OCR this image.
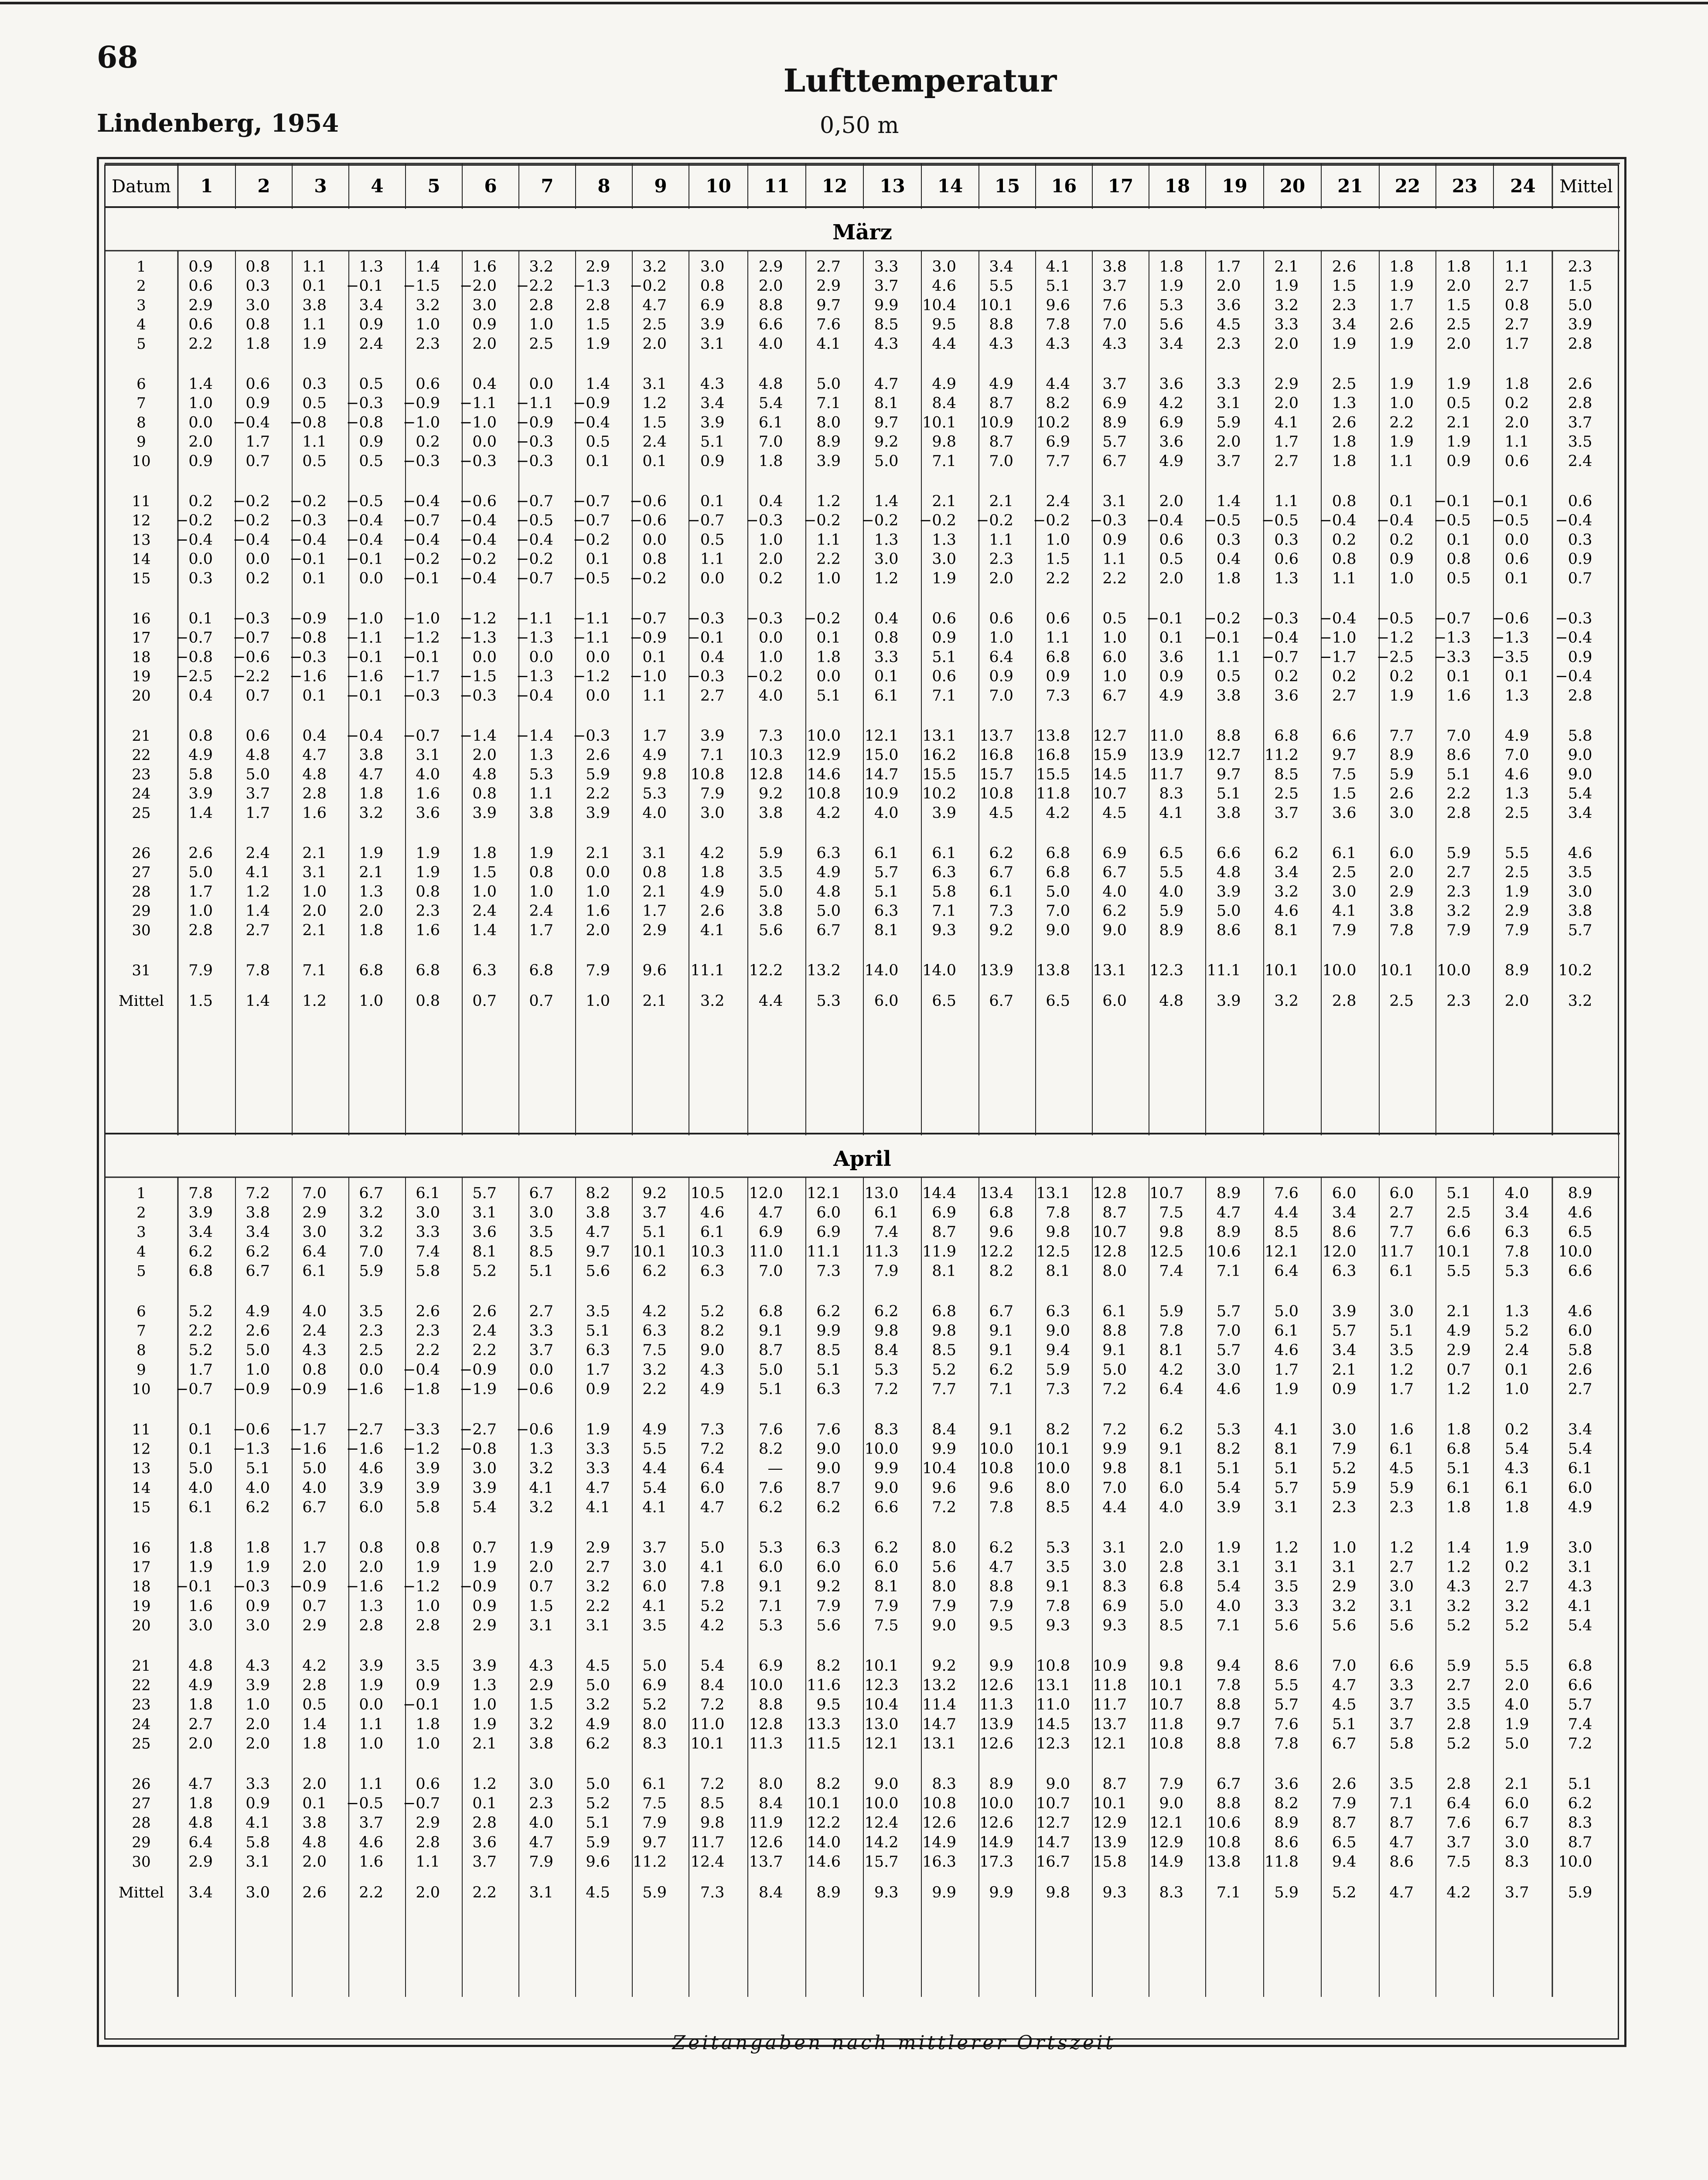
68
Lufttemperatur
Lindenberg, 1954	0,50 m
Datum 1 2 3 4 5 6 7 8 9 10 11 12 13 14 15 16 17 18 19 20 21 22 23 24 Mittel
März
1	0.9 0.8 1.1 1.3 1.4 1.6 3.2 2.9 3.2 3.0 2.9 2.7 3.3 3.0 3.4 4.1 3.8 1.8 1.7 2.1 2.6 1.8 1.8 1.1	2.3
2	0.6 0.3 0.1 −0.1 −1.5 −2.0 −2.2 −1.3 −0.2 0.8 2.0 2.9 3.7 4.6 5.5 5.1 3.7 1.9 2.0 1.9 1.5 1.9 2.0 2.7	1.5
3	2.9 3.0 3.8 3.4 3.2 3.0 2.8 2.8 4.7 6.9 8.8 9.7 9.9 10.4 10.1 9.6 7.6 5.3 3.6 3.2 2.3 1.7 1.5 0.8	5.0
4	0.6 0.8 1.1 0.9 1.0 0.9 1.0 1.5 2.5 3.9 6.6 7.6 8.5 9.5 8.8 7.8 7.0 5.6 4.5 3.3 3.4 2.6 2.5 2.7	3.9
5	2.2 1.8 1.9 2.4 2.3 2.0 2.5 1.9 2.0 3.1 4.0 4.1 4.3 4.4 4.3 4.3 4.3 3.4 2.3 2.0 1.9 1.9 2.0 1.7	2.8
6	1.4 0.6 0.3 0.5 0.6 0.4 0.0 1.4 3.1 4.3 4.8 5.0 4.7 4.9 4.9 4.4 3.7 3.6 3.3 2.9 2.5 1.9 1.9 1.8	2.6
7	1.0 0.9 0.5 −0.3 −0.9 −1.1 −1.1 −0.9 1.2 3.4 5.4 7.1 8.1 8.4 8.7 8.2 6.9 4.2 3.1 2.0 1.3 1.0 0.5 0.2	2.8
8	0.0 −0.4 −0.8 −0.8 −1.0 −1.0 −0.9 −0.4 1.5 3.9 6.1 8.0 9.7 10.1 10.9 10.2 8.9 6.9 5.9 4.1 2.6 2.2 2.1 2.0	3.7
9	2.0 1.7 1.1 0.9 0.2 0.0 −0.3 0.5 2.4 5.1 7.0 8.9 9.2 9.8 8.7 6.9 5.7 3.6 2.0 1.7 1.8 1.9 1.9 1.1	3.5
10 0.9 0.7 0.5 0.5 −0.3 −0.3 −0.3 0.1 0.1 0.9 1.8 3.9 5.0 7.1 7.0 7.7 6.7 4.9 3.7 2.7 1.8 1.1 0.9 0.6	2.4
11 0.2 −0.2 −0.2 −0.5 −0.4 −0.6 −0.7 −0.7 −0.6 0.1 0.4 1.2 1.4 2.1 2.1 2.4 3.1 2.0 1.4 1.1 0.8 0.1 −0.1 −0.1	0.6
12 −0.2 −0.2 −0.3 −0.4 −0.7 −0.4 −0.5 −0.7 −0.6 −0.7 −0.3 −0.2 −0.2 −0.2 −0.2 −0.2 −0.3 −0.4 −0.5 −0.5 −0.4 −0.4 −0.5 −0.5 −0.4
13 −0.4 −0.4 −0.4 −0.4 −0.4 −0.4 −0.4 −0.2 0.0 0.5 1.0 1.1 1.3 1.3 1.1 1.0 0.9 0.6 0.3 0.3 0.2 0.2 0.1 0.0	0.3
14 0.0 0.0 −0.1 −0.1 −0.2 −0.2 −0.2 0.1 0.8 1.1 2.0 2.2 3.0 3.0 2.3 1.5 1.1 0.5 0.4 0.6 0.8 0.9 0.8 0.6	0.9
15 0.3 0.2 0.1 0.0 −0.1 −0.4 −0.7 −0.5 −0.2 0.0 0.2 1.0 1.2 1.9 2.0 2.2 2.2 2.0 1.8 1.3 1.1 1.0 0.5 0.1	0.7
16 0.1 −0.3 −0.9 −1.0 −1.0 −1.2 −1.1 −1.1 −0.7 −0.3 −0.3 −0.2 0.4 0.6 0.6 0.6 0.5 −0.1 −0.2 −0.3 −0.4 −0.5 −0.7 −0.6 −0.3
17 −0.7 −0.7 −0.8 −1.1 −1.2 −1.3 −1.3 −1.1 −0.9 −0.1 0.0 0.1 0.8 0.9 1.0 1.1 1.0 0.1 −0.1 −0.4 −1.0 −1.2 −1.3 −1.3 −0.4
18 −0.8 −0.6 −0.3 −0.1 −0.1 0.0 0.0 0.0 0.1 0.4 1.0 1.8 3.3 5.1 6.4 6.8 6.0 3.6 1.1 −0.7 −1.7 −2.5 −3.3 −3.5	0.9
19 −2.5 −2.2 −1.6 −1.6 −1.7 −1.5 −1.3 −1.2 −1.0 −0.3 −0.2 0.0 0.1 0.6 0.9 0.9 1.0 0.9 0.5 0.2 0.2 0.2 0.1 0.1 −0.4
20 0.4 0.7 0.1 −0.1 −0.3 −0.3 −0.4 0.0 1.1 2.7 4.0 5.1 6.1 7.1 7.0 7.3 6.7 4.9 3.8 3.6 2.7 1.9 1.6 1.3	2.8
21 0.8 0.6 0.4 −0.4 −0.7 −1.4 −1.4 −0.3 1.7 3.9 7.3 10.0 12.1 13.1 13.7 13.8 12.7 11.0 8.8 6.8 6.6 7.7 7.0 4.9	5.8
22 4.9 4.8 4.7 3.8 3.1 2.0 1.3 2.6 4.9 7.1 10.3 12.9 15.0 16.2 16.8 16.8 15.9 13.9 12.7 11.2 9.7 8.9 8.6 7.0	9.0
23 5.8 5.0 4.8 4.7 4.0 4.8 5.3 5.9 9.8 10.8 12.8 14.6 14.7 15.5 15.7 15.5 14.5 11.7 9.7 8.5 7.5 5.9 5.1 4.6	9.0
24 3.9 3.7 2.8 1.8 1.6 0.8 1.1 2.2 5.3 7.9 9.2 10.8 10.9 10.2 10.8 11.8 10.7 8.3 5.1 2.5 1.5 2.6 2.2 1.3	5.4
25 1.4 1.7 1.6 3.2 3.6 3.9 3.8 3.9 4.0 3.0 3.8 4.2 4.0 3.9 4.5 4.2 4.5 4.1 3.8 3.7 3.6 3.0 2.8 2.5	3.4
26 2.6 2.4 2.1 1.9 1.9 1.8 1.9 2.1 3.1 4.2 5.9 6.3 6.1 6.1 6.2 6.8 6.9 6.5 6.6 6.2 6.1 6.0 5.9 5.5	4.6
27 5.0 4.1 3.1 2.1 1.9 1.5 0.8 0.0 0.8 1.8 3.5 4.9 5.7 6.3 6.7 6.8 6.7 5.5 4.8 3.4 2.5 2.0 2.7 2.5	3.5
28 1.7 1.2 1.0 1.3 0.8 1.0 1.0 1.0 2.1 4.9 5.0 4.8 5.1 5.8 6.1 5.0 4.0 4.0 3.9 3.2 3.0 2.9 2.3 1.9	3.0
29 1.0 1.4 2.0 2.0 2.3 2.4 2.4 1.6 1.7 2.6 3.8 5.0 6.3 7.1 7.3 7.0 6.2 5.9 5.0 4.6 4.1 3.8 3.2 2.9	3.8
30 2.8 2.7 2.1 1.8 1.6 1.4 1.7 2.0 2.9 4.1 5.6 6.7 8.1 9.3 9.2 9.0 9.0 8.9 8.6 8.1 7.9 7.8 7.9 7.9	5.7
31 7.9 7.8 7.1 6.8 6.8 6.3 6.8 7.9 9.6 11.1 12.2 13.2 14.0 14.0 13.9 13.8 13.1 12.3 11.1 10.1 10.0 10.1 10.0 8.9 10.2
Mittel 1.5 1.4 1.2 1.0 0.8 0.7 0.7 1.0 2.1 3.2 4.4 5.3 6.0 6.5 6.7 6.5 6.0 4.8 3.9 3.2 2.8 2.5 2.3 2.0	3.2
April
1	7.8 7.2 7.0 6.7 6.1 5.7 6.7 8.2 9.2 10.5 12.0 12.1 13.0 14.4 13.4 13.1 12.8 10.7 8.9 7.6 6.0 6.0 5.1 4.0	8.9
2	3.9 3.8 2.9 3.2 3.0 3.1 3.0 3.8 3.7 4.6 4.7 6.0 6.1 6.9 6.8 7.8 8.7 7.5 4.7 4.4 3.4 2.7 2.5 3.4	4.6
3	3.4 3.4 3.0 3.2 3.3 3.6 3.5 4.7 5.1 6.1 6.9 6.9 7.4 8.7 9.6 9.8 10.7 9.8 8.9 8.5 8.6 7.7 6.6 6.3	6.5
4	6.2 6.2 6.4 7.0 7.4 8.1 8.5 9.7 10.1 10.3 11.0 11.1 11.3 11.9 12.2 12.5 12.8 12.5 10.6 12.1 12.0 11.7 10.1 7.8 10.0
5	6.8 6.7 6.1 5.9 5.8 5.2 5.1 5.6 6.2 6.3 7.0 7.3 7.9 8.1 8.2 8.1 8.0 7.4 7.1 6.4 6.3 6.1 5.5 5.3	6.6
6	5.2 4.9 4.0 3.5 2.6 2.6 2.7 3.5 4.2 5.2 6.8 6.2 6.2 6.8 6.7 6.3 6.1 5.9 5.7 5.0 3.9 3.0 2.1 1.3	4.6
7	2.2 2.6 2.4 2.3 2.3 2.4 3.3 5.1 6.3 8.2 9.1 9.9 9.8 9.8 9.1 9.0 8.8 7.8 7.0 6.1 5.7 5.1 4.9 5.2	6.0
8	5.2 5.0 4.3 2.5 2.2 2.2 3.7 6.3 7.5 9.0 8.7 8.5 8.4 8.5 9.1 9.4 9.1 8.1 5.7 4.6 3.4 3.5 2.9 2.4	5.8
9	1.7 1.0 0.8 0.0 −0.4 −0.9 0.0 1.7 3.2 4.3 5.0 5.1 5.3 5.2 6.2 5.9 5.0 4.2 3.0 1.7 2.1 1.2 0.7 0.1	2.6
10 −0.7 −0.9 −0.9 −1.6 −1.8 −1.9 −0.6 0.9 2.2 4.9 5.1 6.3 7.2 7.7 7.1 7.3 7.2 6.4 4.6 1.9 0.9 1.7 1.2 1.0	2.7
11 0.1 −0.6 −1.7 −2.7 −3.3 −2.7 −0.6 1.9 4.9 7.3 7.6 7.6 8.3 8.4 9.1 8.2 7.2 6.2 5.3 4.1 3.0 1.6 1.8 0.2	3.4
12 0.1 −1.3 −1.6 −1.6 −1.2 −0.8 1.3 3.3 5.5 7.2 8.2 9.0 10.0 9.9 10.0 10.1 9.9 9.1 8.2 8.1 7.9 6.1 6.8 5.4	5.4
13 5.0 5.1 5.0 4.6 3.9 3.0 3.2 3.3 4.4 6.4	— 9.0 9.9 10.4 10.8 10.0 9.8 8.1 5.1 5.1 5.2 4.5 5.1 4.3	6.1
14 4.0 4.0 4.0 3.9 3.9 3.9 4.1 4.7 5.4 6.0 7.6 8.7 9.0 9.6 9.6 8.0 7.0 6.0 5.4 5.7 5.9 5.9 6.1 6.1	6.0
15 6.1 6.2 6.7 6.0 5.8 5.4 3.2 4.1 4.1 4.7 6.2 6.2 6.6 7.2 7.8 8.5 4.4 4.0 3.9 3.1 2.3 2.3 1.8 1.8	4.9
16 1.8 1.8 1.7 0.8 0.8 0.7 1.9 2.9 3.7 5.0 5.3 6.3 6.2 8.0 6.2 5.3 3.1 2.0 1.9 1.2 1.0 1.2 1.4 1.9	3.0
17 1.9 1.9 2.0 2.0 1.9 1.9 2.0 2.7 3.0 4.1 6.0 6.0 6.0 5.6 4.7 3.5 3.0 2.8 3.1 3.1 3.1 2.7 1.2 0.2	3.1
18 −0.1 −0.3 −0.9 −1.6 −1.2 −0.9 0.7 3.2 6.0 7.8 9.1 9.2 8.1 8.0 8.8 9.1 8.3 6.8 5.4 3.5 2.9 3.0 4.3 2.7	4.3
19 1.6 0.9 0.7 1.3 1.0 0.9 1.5 2.2 4.1 5.2 7.1 7.9 7.9 7.9 7.9 7.8 6.9 5.0 4.0 3.3 3.2 3.1 3.2 3.2	4.1
20 3.0 3.0 2.9 2.8 2.8 2.9 3.1 3.1 3.5 4.2 5.3 5.6 7.5 9.0 9.5 9.3 9.3 8.5 7.1 5.6 5.6 5.6 5.2 5.2	5.4
21 4.8 4.3 4.2 3.9 3.5 3.9 4.3 4.5 5.0 5.4 6.9 8.2 10.1 9.2 9.9 10.8 10.9 9.8 9.4 8.6 7.0 6.6 5.9 5.5	6.8
22 4.9 3.9 2.8 1.9 0.9 1.3 2.9 5.0 6.9 8.4 10.0 11.6 12.3 13.2 12.6 13.1 11.8 10.1 7.8 5.5 4.7 3.3 2.7 2.0	6.6
23 1.8 1.0 0.5 0.0 −0.1 1.0 1.5 3.2 5.2 7.2 8.8 9.5 10.4 11.4 11.3 11.0 11.7 10.7 8.8 5.7 4.5 3.7 3.5 4.0	5.7
24 2.7 2.0 1.4 1.1 1.8 1.9 3.2 4.9 8.0 11.0 12.8 13.3 13.0 14.7 13.9 14.5 13.7 11.8 9.7 7.6 5.1 3.7 2.8 1.9	7.4
25 2.0 2.0 1.8 1.0 1.0 2.1 3.8 6.2 8.3 10.1 11.3 11.5 12.1 13.1 12.6 12.3 12.1 10.8 8.8 7.8 6.7 5.8 5.2 5.0	7.2
26 4.7 3.3 2.0 1.1 0.6 1.2 3.0 5.0 6.1 7.2 8.0 8.2 9.0 8.3 8.9 9.0 8.7 7.9 6.7 3.6 2.6 3.5 2.8 2.1	5.1
27 1.8 0.9 0.1 −0.5 −0.7 0.1 2.3 5.2 7.5 8.5 8.4 10.1 10.0 10.8 10.0 10.7 10.1 9.0 8.8 8.2 7.9 7.1 6.4 6.0	6.2
28 4.8 4.1 3.8 3.7 2.9 2.8 4.0 5.1 7.9 9.8 11.9 12.2 12.4 12.6 12.6 12.7 12.9 12.1 10.6 8.9 8.7 8.7 7.6 6.7	8.3
29 6.4 5.8 4.8 4.6 2.8 3.6 4.7 5.9 9.7 11.7 12.6 14.0 14.2 14.9 14.9 14.7 13.9 12.9 10.8 8.6 6.5 4.7 3.7 3.0	8.7
30 2.9 3.1 2.0 1.6 1.1 3.7 7.9 9.6 11.2 12.4 13.7 14.6 15.7 16.3 17.3 16.7 15.8 14.9 13.8 11.8 9.4 8.6 7.5 8.3 10.0
Mittel 3.4 3.0 2.6 2.2 2.0 2.2 3.1 4.5 5.9 7.3 8.4 8.9 9.3 9.9 9.9 9.8 9.3 8.3 7.1 5.9 5.2 4.7 4.2 3.7	5.9
Zeitangaben nach mittlerer Ortszeit
